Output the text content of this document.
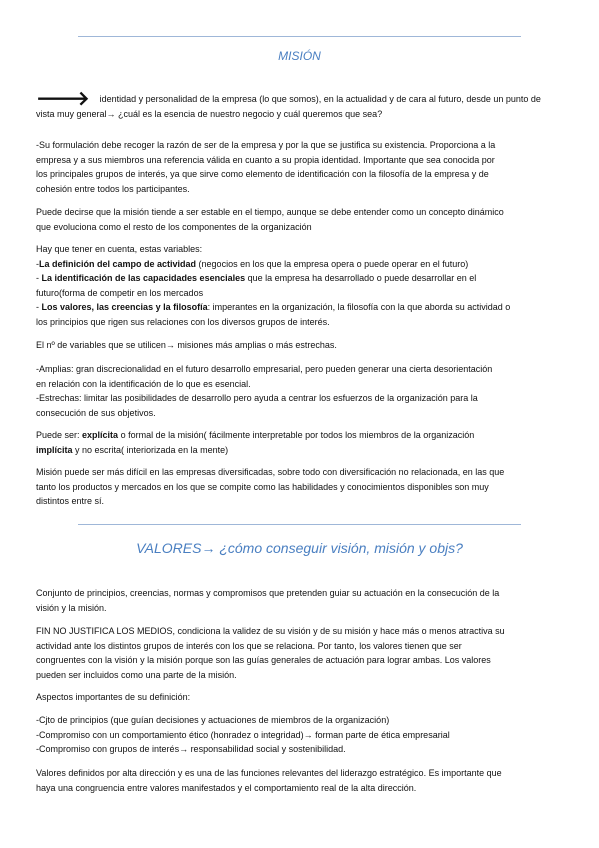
MISIÓN

🡒 identidad y personalidad de la empresa (lo que somos), en la actualidad y de cara al futuro, desde un punto de

vista muy general→ ¿cuál es la esencia de nuestro negocio y cuál queremos que sea?

-Su formulación debe recoger la razón de ser de la empresa y por la que se justifica su existencia. Proporciona a la

empresa y a sus miembros una referencia válida en cuanto a su propia identidad. Importante que sea conocida por

los principales grupos de interés, ya que sirve como elemento de identificación con la filosofía de la empresa y de

cohesión entre todos los participantes.

Puede decirse que la misión tiende a ser estable en el tiempo, aunque se debe entender como un concepto dinámico

que evoluciona como el resto de los componentes de la organización

Hay que tener en cuenta, estas variables:

-La definición del campo de actividad (negocios en los que la empresa opera o puede operar en el futuro)

- La identificación de las capacidades esenciales que la empresa ha desarrollado o puede desarrollar en el

futuro(forma de competir en los mercados

- Los valores, las creencias y la filosofía: imperantes en la organización, la filosofía con la que aborda su actividad o

los principios que rigen sus relaciones con los diversos grupos de interés.

El nº de variables que se utilicen→ misiones más amplias o más estrechas.

-Amplias: gran discrecionalidad en el futuro desarrollo empresarial, pero pueden generar una cierta desorientación

en relación con la identificación de lo que es esencial.

-Estrechas: limitar las posibilidades de desarrollo pero ayuda a centrar los esfuerzos de la organización para la

consecución de sus objetivos.

Puede ser: explícita o formal de la misión( fácilmente interpretable por todos los miembros de la organización

implícita y no escrita( interiorizada en la mente)

Misión puede ser más difícil en las empresas diversificadas, sobre todo con diversificación no relacionada, en las que

tanto los productos y mercados en los que se compite como las habilidades y conocimientos disponibles son muy

distintos entre sí.

VALORES→ ¿cómo conseguir visión, misión y objs?

Conjunto de principios, creencias, normas y compromisos que pretenden guiar su actuación en la consecución de la

visión y la misión.

FIN NO JUSTIFICA LOS MEDIOS, condiciona la validez de su visión y de su misión y hace más o menos atractiva su

actividad ante los distintos grupos de interés con los que se relaciona. Por tanto, los valores tienen que ser

congruentes con la visión y la misión porque son las guías generales de actuación para lograr ambas. Los valores

pueden ser incluidos como una parte de la misión.

Aspectos importantes de su definición:

-Cjto de principios (que guían decisiones y actuaciones de miembros de la organización)

-Compromiso con un comportamiento ético (honradez o integridad)→ forman parte de ética empresarial

-Compromiso con grupos de interés→ responsabilidad social y sostenibilidad.

Valores definidos por alta dirección y es una de las funciones relevantes del liderazgo estratégico. Es importante que

haya una congruencia entre valores manifestados y el comportamiento real de la alta dirección.
